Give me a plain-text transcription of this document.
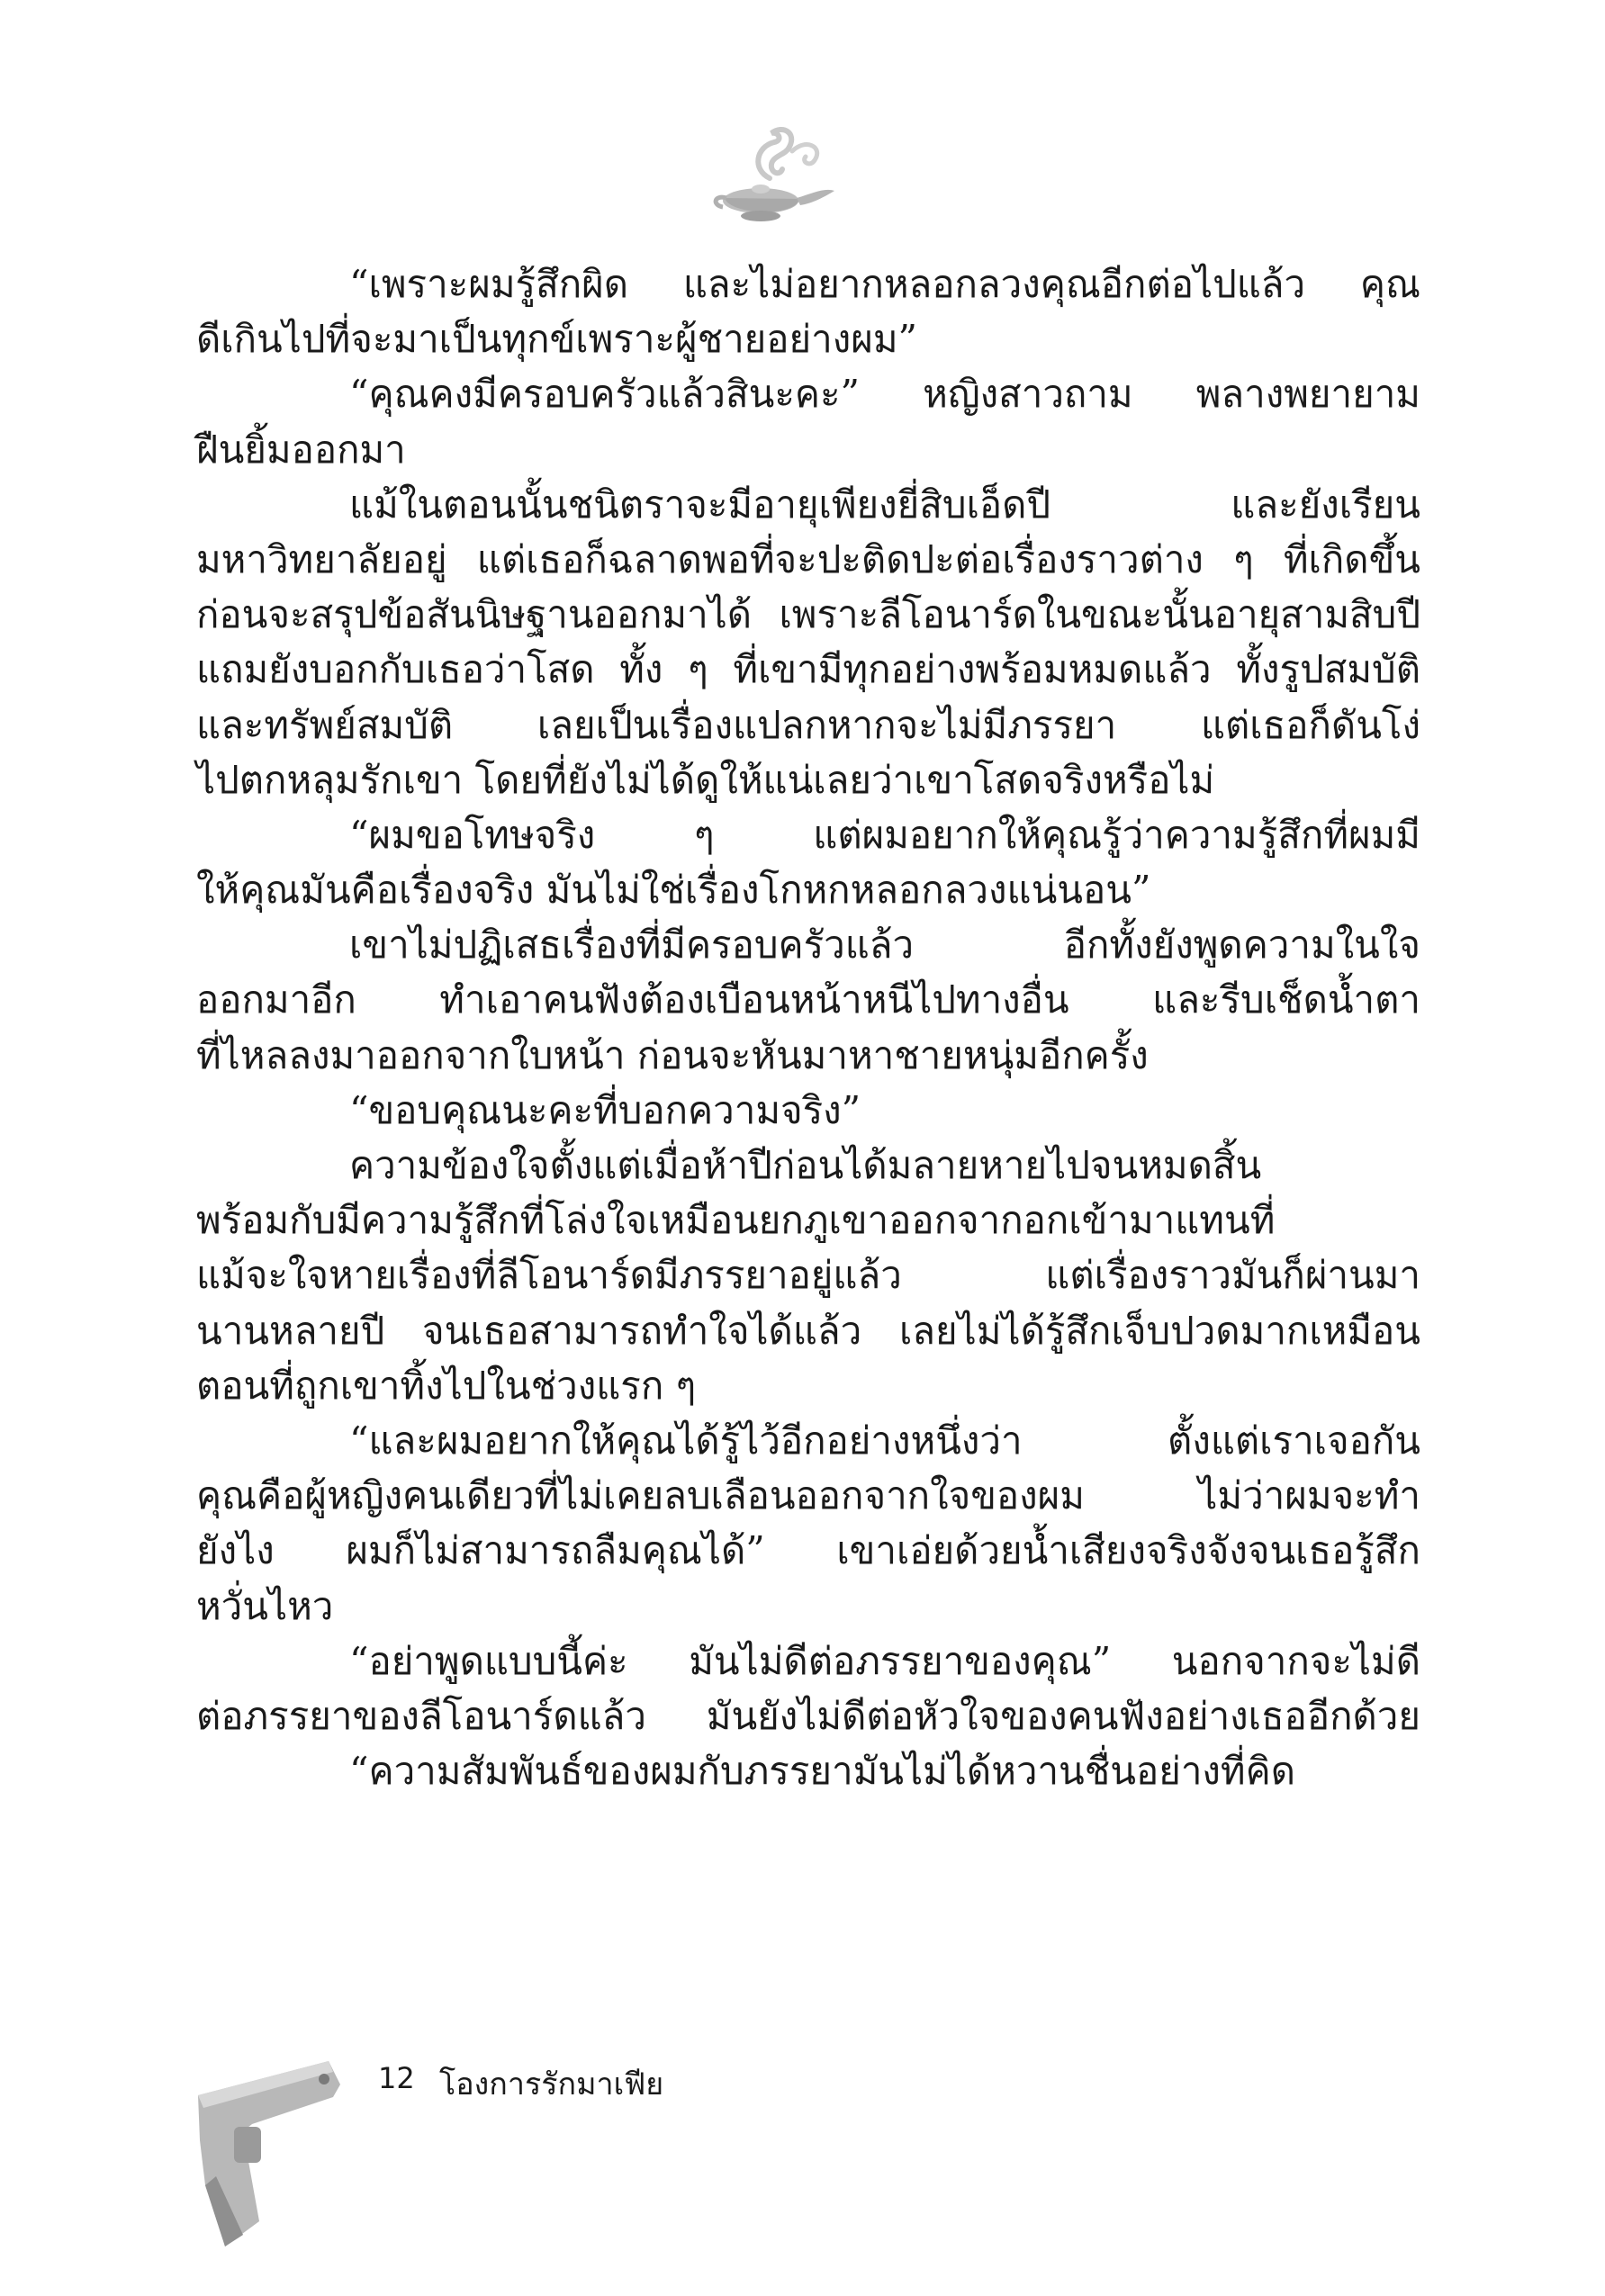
“เพราะผมรู้สึกผิด และไม่อยากหลอกลวงคุณอีกต่อไปแล้ว คุณ
ดีเกินไปที่จะมาเป็นทุกข์เพราะผู้ชายอย่างผม”
“คุณคงมีครอบครัวแล้วสินะคะ” หญิงสาวถาม พลางพยายาม
ฝืนยิ้มออกมา
แม้ในตอนนั้นชนิตราจะมีอายุเพียงยี่สิบเอ็ดปี และยังเรียน
มหาวิทยาลัยอยู่ แต่เธอก็ฉลาดพอที่จะปะติดปะต่อเรื่องราวต่าง ๆ ที่เกิดขึ้น
ก่อนจะสรุปข้อสันนิษฐานออกมาได้ เพราะลีโอนาร์ดในขณะนั้นอายุสามสิบปี
แถมยังบอกกับเธอว่าโสด ทั้ง ๆ ที่เขามีทุกอย่างพร้อมหมดแล้ว ทั้งรูปสมบัติ
และทรัพย์สมบัติ เลยเป็นเรื่องแปลกหากจะไม่มีภรรยา แต่เธอก็ดันโง่
ไปตกหลุมรักเขา โดยที่ยังไม่ได้ดูให้แน่เลยว่าเขาโสดจริงหรือไม่
“ผมขอโทษจริง ๆ แต่ผมอยากให้คุณรู้ว่าความรู้สึกที่ผมมี
ให้คุณมันคือเรื่องจริง มันไม่ใช่เรื่องโกหกหลอกลวงแน่นอน”
เขาไม่ปฏิเสธเรื่องที่มีครอบครัวแล้ว อีกทั้งยังพูดความในใจ
ออกมาอีก ทำเอาคนฟังต้องเบือนหน้าหนีไปทางอื่น และรีบเช็ดน้ำตา
ที่ไหลลงมาออกจากใบหน้า ก่อนจะหันมาหาชายหนุ่มอีกครั้ง
“ขอบคุณนะคะที่บอกความจริง”
ความข้องใจตั้งแต่เมื่อห้าปีก่อนได้มลายหายไปจนหมดสิ้น
พร้อมกับมีความรู้สึกที่โล่งใจเหมือนยกภูเขาออกจากอกเข้ามาแทนที่
แม้จะใจหายเรื่องที่ลีโอนาร์ดมีภรรยาอยู่แล้ว แต่เรื่องราวมันก็ผ่านมา
นานหลายปี จนเธอสามารถทำใจได้แล้ว เลยไม่ได้รู้สึกเจ็บปวดมากเหมือน
ตอนที่ถูกเขาทิ้งไปในช่วงแรก ๆ
“และผมอยากให้คุณได้รู้ไว้อีกอย่างหนึ่งว่า ตั้งแต่เราเจอกัน
คุณคือผู้หญิงคนเดียวที่ไม่เคยลบเลือนออกจากใจของผม ไม่ว่าผมจะทำ
ยังไง ผมก็ไม่สามารถลืมคุณได้” เขาเอ่ยด้วยน้ำเสียงจริงจังจนเธอรู้สึก
หวั่นไหว
“อย่าพูดแบบนี้ค่ะ มันไม่ดีต่อภรรยาของคุณ” นอกจากจะไม่ดี
ต่อภรรยาของลีโอนาร์ดแล้ว มันยังไม่ดีต่อหัวใจของคนฟังอย่างเธออีกด้วย
“ความสัมพันธ์ของผมกับภรรยามันไม่ได้หวานชื่นอย่างที่คิด
12 โองการรักมาเฟีย
